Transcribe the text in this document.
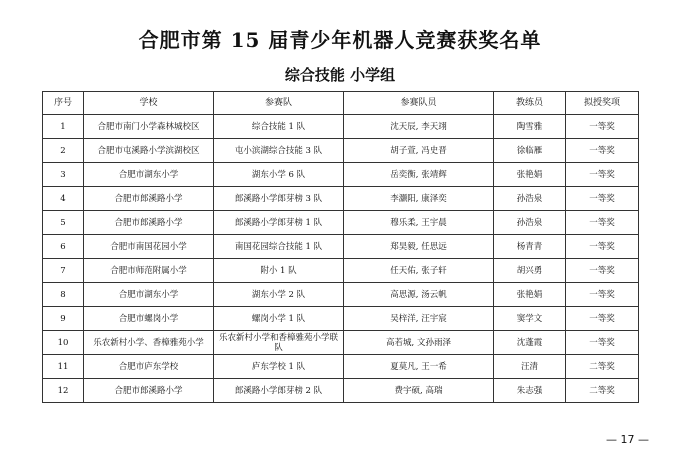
合肥市第 15 届青少年机器人竞赛获奖名单
综合技能 小学组
序号	学校	参赛队	参赛队员	教练员	拟授奖项
1	合肥市南门小学森林城校区	综合技能 1 队	沈天辰, 李天翊	陶雪雅	一等奖
2	合肥市屯溪路小学滨湖校区	屯小滨湖综合技能 3 队	胡子萱, 冯史晋	徐临雁	一等奖
3	合肥市湖东小学	湖东小学 6 队	岳奕衡, 张靖辉	张艳娟	一等奖
4	合肥市郎溪路小学	郎溪路小学郎芽榜 3 队	李灏阳, 康泽奕	孙浩泉	一等奖
5	合肥市郎溪路小学	郎溪路小学郎芽榜 1 队	穆乐柔, 王宇晨	孙浩泉	一等奖
6	合肥市南国花园小学	南国花园综合技能 1 队	郑昊毅, 任思远	杨青青	一等奖
7	合肥市师范附属小学	附小 1 队	任天佑, 张子轩	胡兴勇	一等奖
8	合肥市湖东小学	湖东小学 2 队	高思源, 汤云帆	张艳娟	一等奖
9	合肥市螺岗小学	螺岗小学 1 队	吴梓洋, 汪宇宸	窦学文	一等奖
10	乐农新村小学、香樟雅苑小学	乐农新村小学和香樟雅苑小学联队	高若城, 文孙雨泽	沈蓬霞	一等奖
11	合肥市庐东学校	庐东学校 1 队	夏莫凡, 王一希	汪清	二等奖
12	合肥市郎溪路小学	郎溪路小学郎芽榜 2 队	费宇硕, 高瑞	朱志强	二等奖
— 17 —
